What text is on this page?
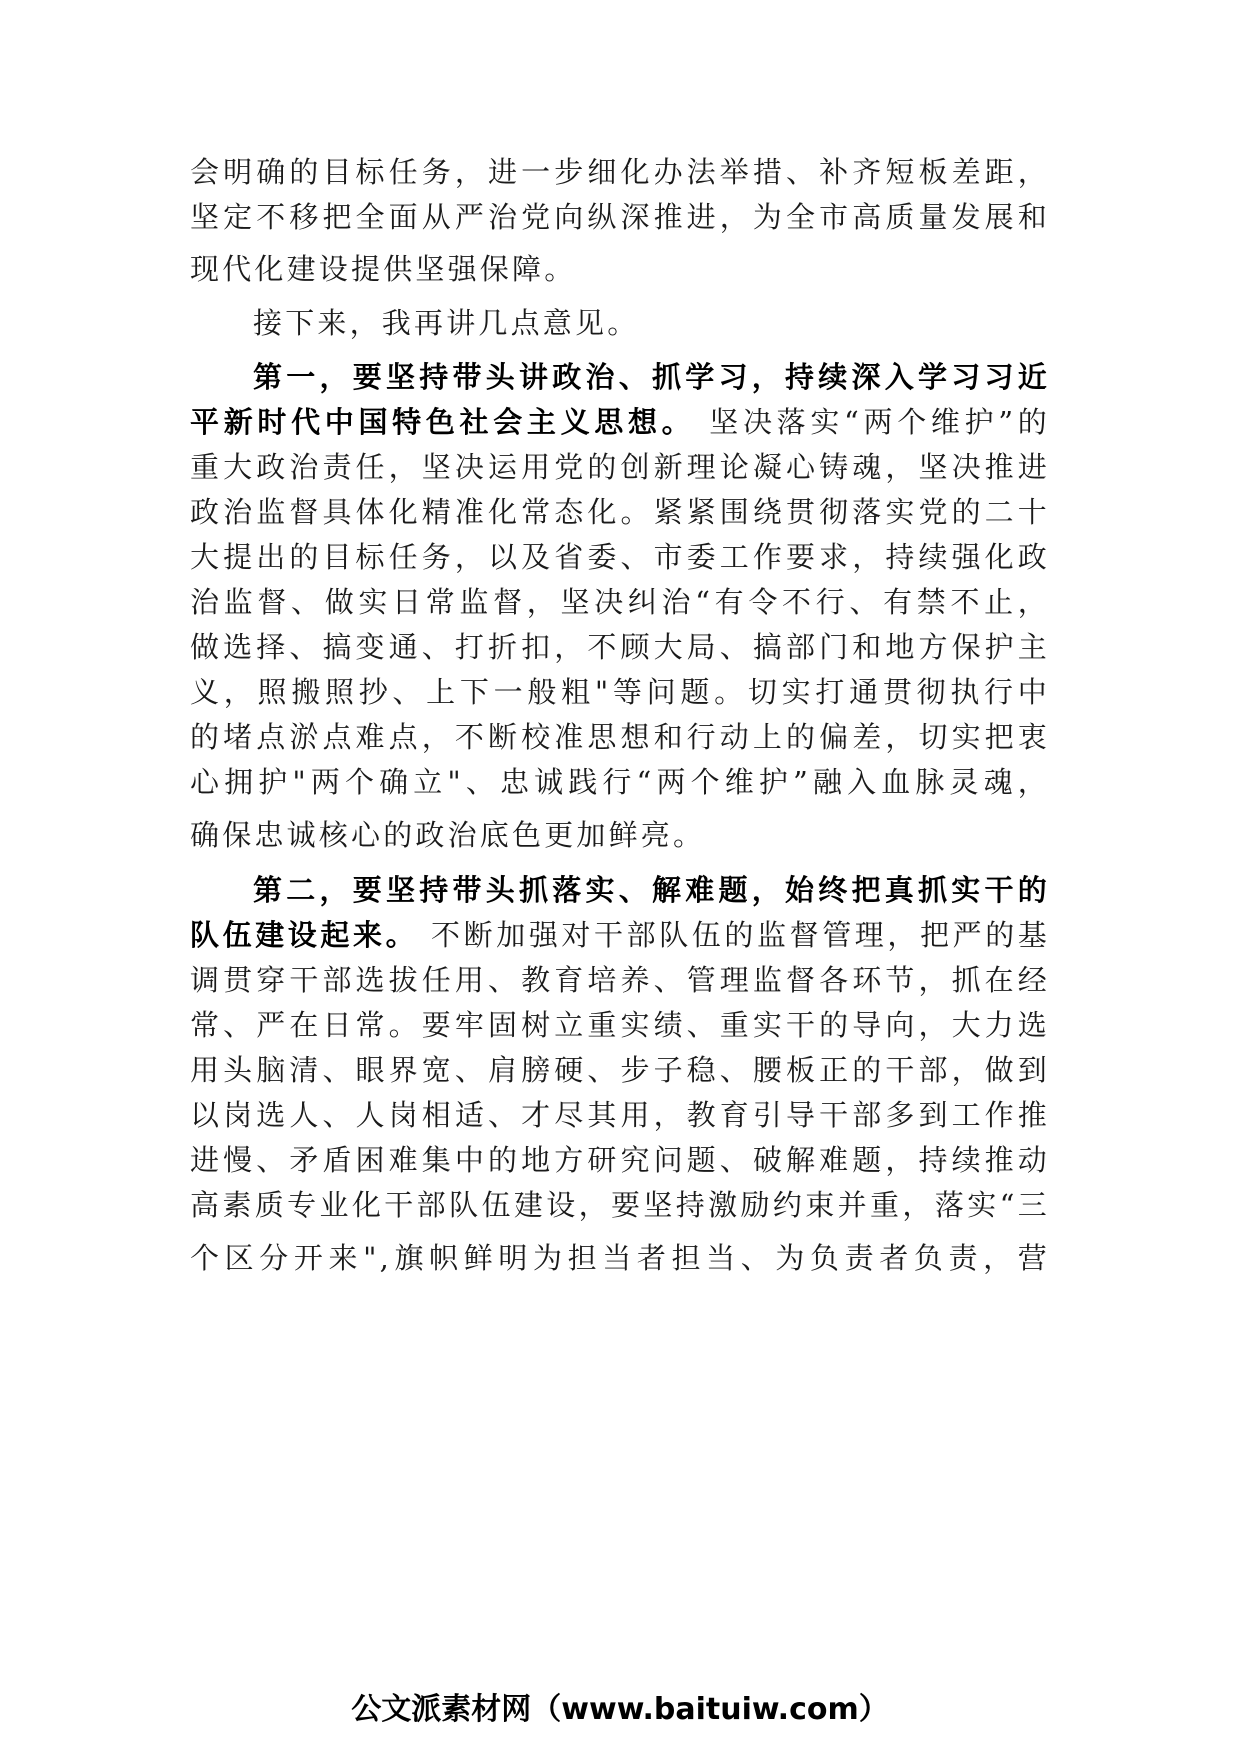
会明确的目标任务，进一步细化办法举措、补齐短板差距，
坚定不移把全面从严治党向纵深推进，为全市高质量发展和
现代化建设提供坚强保障。
接下来，我再讲几点意见。
第一，要坚持带头讲政治、抓学习，持续深入学习习近
平新时代中国特色社会主义思想。 坚决落实“两个维护”的
重大政治责任，坚决运用党的创新理论凝心铸魂，坚决推进
政治监督具体化精准化常态化。紧紧围绕贯彻落实党的二十
大提出的目标任务，以及省委、市委工作要求，持续强化政
治监督、做实日常监督，坚决纠治“有令不行、有禁不止，
做选择、搞变通、打折扣，不顾大局、搞部门和地方保护主
义，照搬照抄、上下一般粗"等问题。切实打通贯彻执行中
的堵点淤点难点，不断校准思想和行动上的偏差，切实把衷
心拥护"两个确立"、忠诚践行“两个维护”融入血脉灵魂，
确保忠诚核心的政治底色更加鲜亮。
第二，要坚持带头抓落实、解难题，始终把真抓实干的
队伍建设起来。 不断加强对干部队伍的监督管理，把严的基
调贯穿干部选拔任用、教育培养、管理监督各环节，抓在经
常、严在日常。要牢固树立重实绩、重实干的导向，大力选
用头脑清、眼界宽、肩膀硬、步子稳、腰板正的干部，做到
以岗选人、人岗相适、才尽其用，教育引导干部多到工作推
进慢、矛盾困难集中的地方研究问题、破解难题，持续推动
高素质专业化干部队伍建设，要坚持激励约束并重，落实“三
个区分开来",旗帜鲜明为担当者担当、为负责者负责，营
公文派素材网（www.baituiw.com）
